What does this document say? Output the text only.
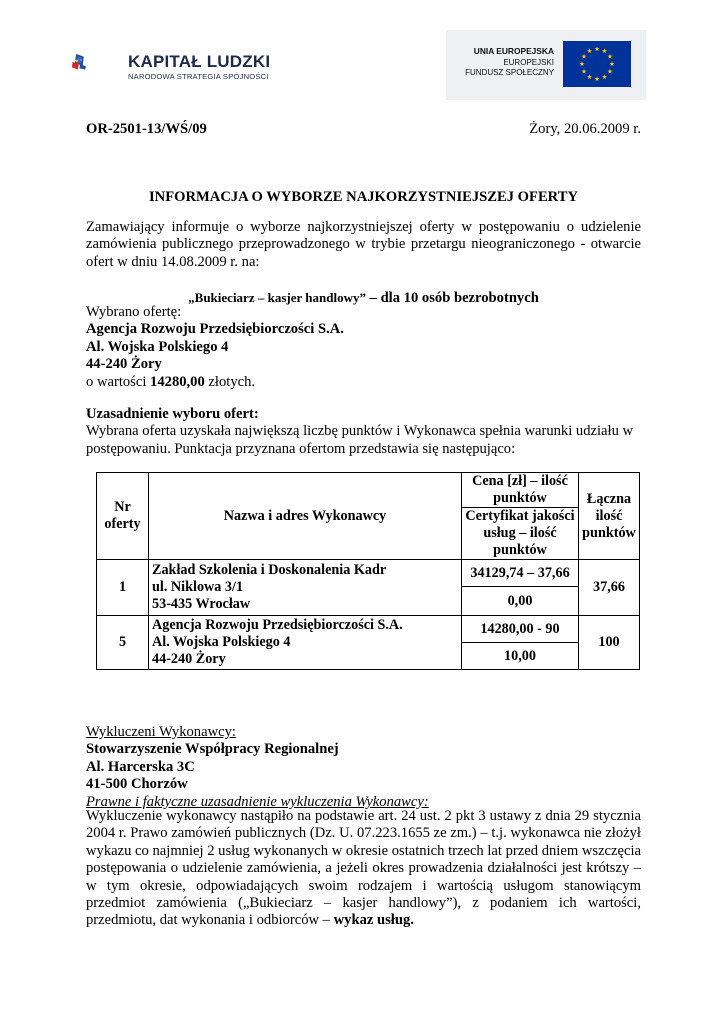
KAPITAŁ LUDZKI
NARODOWA STRATEGIA SPÓJNOŚCI
UNIA EUROPEJSKA
EUROPEJSKI
FUNDUSZ SPOŁECZNY
OR-2501-13/WŚ/09	Żory, 20.06.2009 r.
INFORMACJA O WYBORZE NAJKORZYSTNIEJSZEJ OFERTY
Zamawiający informuje o wyborze najkorzystniejszej oferty w postępowaniu o udzielenie zamówienia publicznego przeprowadzonego w trybie przetargu nieograniczonego - otwarcie ofert w dniu 14.08.2009 r. na:
„Bukieciarz – kasjer handlowy” – dla 10 osób bezrobotnych
Wybrano ofertę:
Agencja Rozwoju Przedsiębiorczości S.A.
Al. Wojska Polskiego 4
44-240 Żory
o wartości 14280,00 złotych.
Uzasadnienie wyboru ofert:
Wybrana oferta uzyskała największą liczbę punktów i Wykonawca spełnia warunki udziału w postępowaniu. Punktacja przyznana ofertom przedstawia się następująco:
Wykluczeni Wykonawcy:
Stowarzyszenie Współpracy Regionalnej
Al. Harcerska 3C
41-500 Chorzów
Prawne i faktyczne uzasadnienie wykluczenia Wykonawcy:
Wykluczenie wykonawcy nastąpiło na podstawie art. 24 ust. 2 pkt 3 ustawy z dnia 29 stycznia 2004 r. Prawo zamówień publicznych (Dz. U. 07.223.1655 ze zm.) – t.j. wykonawca nie złożył wykazu co najmniej 2 usług wykonanych w okresie ostatnich trzech lat przed dniem wszczęcia postępowania o udzielenie zamówienia, a jeżeli okres prowadzenia działalności jest krótszy – w tym okresie, odpowiadających swoim rodzajem i wartością usługom stanowiącym przedmiot zamówienia („Bukieciarz – kasjer handlowy”), z podaniem ich wartości, przedmiotu, dat wykonania i odbiorców – wykaz usług.
Nr oferty	Nazwa i adres Wykonawcy	Cena [zł] – ilość punktów	Łączna ilość punktów
		Certyfikat jakości usług – ilość punktów	
1	Zakład Szkolenia i Doskonalenia Kadr
ul. Niklowa 3/1
53-435 Wrocław	34129,74 – 37,66	37,66
		0,00	
5	Agencja Rozwoju Przedsiębiorczości S.A.
Al. Wojska Polskiego 4
44-240 Żory	14280,00 - 90	100
		10,00	
